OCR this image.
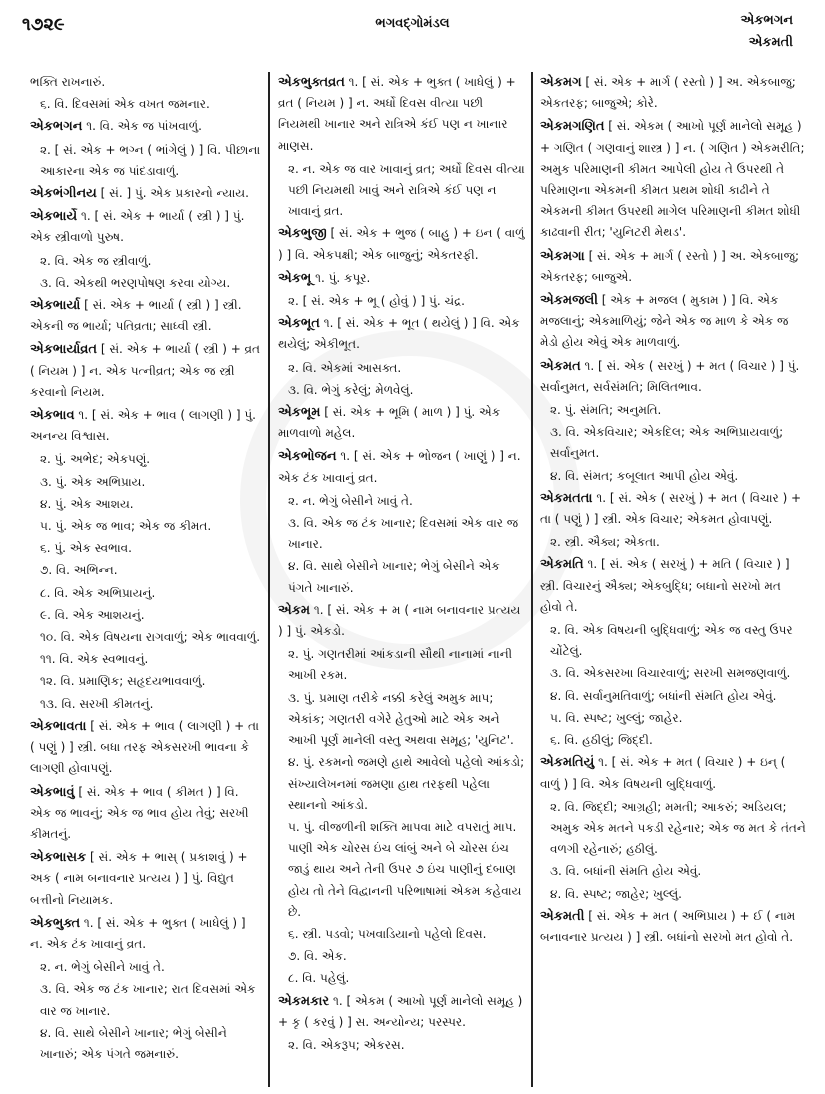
૧૭૨૯	ભગવદ્ગોમંડલ	એકભગન
એકમતી
ભક્તિ રાખનારું.
૬. વિ. દિવસમાં એક વખત જમનાર.
એકભગન ૧. વિ. એક જ પાંખવાળું.
૨. [ સં. એક + ભગ્ન ( ભાંગેલું ) ] વિ. પીછાના આકારના એક જ પાંદડાવાળું.
એકભંગીનય [ સં. ] પું. એક પ્રકારનો ન્યાય.
એકભાર્યે ૧. [ સં. એક + ભાર્યા ( સ્ત્રી ) ] પું. એક સ્ત્રીવાળો પુરુષ.
૨. વિ. એક જ સ્ત્રીવાળું.
૩. વિ. એકથી ભરણપોષણ કરવા યોગ્ય.
એકભાર્યા [ સં. એક + ભાર્યા ( સ્ત્રી ) ] સ્ત્રી. એકની જ ભાર્યા; પતિવ્રતા; સાધ્વી સ્ત્રી.
એકભાર્યાવ્રત [ સં. એક + ભાર્યા ( સ્ત્રી ) + વ્રત ( નિયમ ) ] ન. એક પત્નીવ્રત; એક જ સ્ત્રી કરવાનો નિયમ.
એકભાવ ૧. [ સં. એક + ભાવ ( લાગણી ) ] પું. અનન્ય વિશ્વાસ.
૨. પું. અભેદ; એકપણું.
૩. પું. એક અભિપ્રાય.
૪. પું. એક આશય.
૫. પું. એક જ ભાવ; એક જ કીમત.
૬. પું. એક સ્વભાવ.
૭. વિ. અભિન્ન.
૮. વિ. એક અભિપ્રાયનું.
૯. વિ. એક આશયનું.
૧૦. વિ. એક વિષયના રાગવાળું; એક ભાવવાળું.
૧૧. વિ. એક સ્વભાવનું.
૧૨. વિ. પ્રમાણિક; સહૃદયભાવવાળું.
૧૩. વિ. સરખી કીમતનું.
એકભાવતા [ સં. એક + ભાવ ( લાગણી ) + તા ( પણું ) ] સ્ત્રી. બધા તરફ એકસરખી ભાવના કે લાગણી હોવાપણું.
એકભાવું [ સં. એક + ભાવ ( કીમત ) ] વિ. એક જ ભાવનું; એક જ ભાવ હોય તેવું; સરખી કીમતનું.
એકભાસક [ સં. એક + ભાસ્ ( પ્રકાશવું ) + અક ( નામ બનાવનાર પ્રત્યય ) ] પું. વિદ્યુત બત્તીનો નિયામક.
એકભુક્ત ૧. [ સં. એક + ભુક્ત ( ખાધેલું ) ] ન. એક ટંક ખાવાનું વ્રત.
૨. ન. ભેગું બેસીને ખાવું તે.
૩. વિ. એક જ ટંક ખાનાર; રાત દિવસમાં એક વાર જ ખાનાર.
૪. વિ. સાથે બેસીને ખાનાર; ભેગું બેસીને ખાનારું; એક પંગતે જમનારું.
એકભુક્તવ્રત ૧. [ સં. એક + ભુક્ત ( ખાધેલું ) + વ્રત ( નિયમ ) ] ન. અર્ધો દિવસ વીત્યા પછી નિયમથી ખાનાર અને રાત્રિએ કંઈ પણ ન ખાનાર માણસ.
૨. ન. એક જ વાર ખાવાનું વ્રત; અર્ધો દિવસ વીત્યા પછી નિયમથી ખાવું અને રાત્રિએ કંઈ પણ ન ખાવાનું વ્રત.
એકભુજી [ સં. એક + ભુજ ( બાહુ ) + ઇન ( વાળું ) ] વિ. એકપક્ષી; એક બાજુનું; એકતરફી.
એકભૂ ૧. પું. કપૂર.
૨. [ સં. એક + ભૂ ( હોવું ) ] પું. ચંદ્ર.
એકભૂત ૧. [ સં. એક + ભૂત ( થયેલું ) ] વિ. એક થયેલું; એકીભૂત.
૨. વિ. એકમાં આસક્ત.
૩. વિ. ભેગું કરેલું; મેળવેલું.
એકભૂમ [ સં. એક + ભૂમિ ( માળ ) ] પું. એક માળવાળો મહેલ.
એકભોજન ૧. [ સં. એક + ભોજન ( ખાણું ) ] ન. એક ટંક ખાવાનું વ્રત.
૨. ન. ભેગું બેસીને ખાવું તે.
૩. વિ. એક જ ટંક ખાનાર; દિવસમાં એક વાર જ ખાનાર.
૪. વિ. સાથે બેસીને ખાનાર; ભેગું બેસીને એક પંગતે ખાનારું.
એકમ ૧. [ સં. એક + મ ( નામ બનાવનાર પ્રત્યય ) ] પું. એકડો.
૨. પું. ગણતરીમાં આંકડાની સૌથી નાનામાં નાની આખી રકમ.
૩. પું. પ્રમાણ તરીકે નક્કી કરેલું અમુક માપ; એકાંક; ગણતરી વગેરે હેતુઓ માટે એક અને આખી પૂર્ણ માનેલી વસ્તુ અથવા સમૂહ; 'યુનિટ'.
૪. પું. રકમનો જમણે હાથે આવેલો પહેલો આંકડો; સંખ્યાલેખનમાં જમણા હાથ તરફથી પહેલા સ્થાનનો આંકડો.
૫. પું. વીજળીની શક્તિ માપવા માટે વપરાતું માપ. પાણી એક ચોરસ ઇંચ લાંબું અને બે ચોરસ ઇંચ જાડું થાય અને તેની ઉપર ૭ ઇંચ પાણીનું દબાણ હોય તો તેને વિદ્વાનની પરિભાષામાં એકમ કહેવાય છે.
૬. સ્ત્રી. પડવો; પખવાડિયાનો પહેલો દિવસ.
૭. વિ. એક.
૮. વિ. પહેલું.
એકમકાર ૧. [ એકમ ( આખો પૂર્ણ માનેલો સમૂહ ) + કૃ ( કરવું ) ] સ. અન્યોન્ય; પરસ્પર.
૨. વિ. એકરૂપ; એકરસ.
એકમગ [ સં. એક + માર્ગ ( રસ્તો ) ] અ. એકબાજુ; એકતરફ; બાજુએ; કોરે.
એકમગણિત [ સં. એકમ ( આખો પૂર્ણ માનેલો સમૂહ ) + ગણિત ( ગણવાનું શાસ્ત્ર ) ] ન. ( ગણિત ) એકમરીતિ; અમુક પરિમાણની કીમત આપેલી હોય તે ઉપરથી તે પરિમાણના એકમની કીમત પ્રથમ શોધી કાઢીને તે એકમની કીમત ઉપરથી માગેલ પરિમાણની કીમત શોધી કાઢવાની રીત; 'યુનિટરી મેથડ'.
એકમગા [ સં. એક + માર્ગ ( રસ્તો ) ] અ. એકબાજુ; એકતરફ; બાજુએ.
એકમજલી [ એક + મજલ ( મુકામ ) ] વિ. એક મજલાનું; એકમાળિયું; જેને એક જ માળ કે એક જ મેડો હોય એવું એક માળવાળું.
એકમત ૧. [ સં. એક ( સરખું ) + મત ( વિચાર ) ] પું. સર્વાનુમત, સર્વસંમતિ; મિલિતભાવ.
૨. પું. સંમતિ; અનુમતિ.
૩. વિ. એકવિચાર; એકદિલ; એક અભિપ્રાયવાળું; સર્વાનુમત.
૪. વિ. સંમત; કબૂલાત આપી હોય એવું.
એકમતતા ૧. [ સં. એક ( સરખું ) + મત ( વિચાર ) + તા ( પણું ) ] સ્ત્રી. એક વિચાર; એકમત હોવાપણું.
૨. સ્ત્રી. ઐક્ય; એકતા.
એકમતિ ૧. [ સં. એક ( સરખું ) + મતિ ( વિચાર ) ] સ્ત્રી. વિચારનું ઐક્ય; એકબુદ્ધિ; બધાનો સરખો મત હોવો તે.
૨. વિ. એક વિષયની બુદ્ધિવાળું; એક જ વસ્તુ ઉપર ચોંટેલું.
૩. વિ. એકસરખા વિચારવાળું; સરખી સમજણવાળું.
૪. વિ. સર્વાનુમતિવાળું; બધાંની સંમતિ હોય એવું.
૫. વિ. સ્પષ્ટ; ખુલ્લું; જાહેર.
૬. વિ. હઠીલું; જિદ્દી.
એકમતિયું ૧. [ સં. એક + મત ( વિચાર ) + ઇન્ ( વાળું ) ] વિ. એક વિષયની બુદ્ધિવાળું.
૨. વિ. જિદ્દી; આગ્રહી; મમતી; આકરું; અડિયલ; અમુક એક મતને પકડી રહેનાર; એક જ મત કે તંતને વળગી રહેનારું; હઠીલું.
૩. વિ. બધાંની સંમતિ હોય એવું.
૪. વિ. સ્પષ્ટ; જાહેર; ખુલ્લું.
એકમતી [ સં. એક + મત ( અભિપ્રાય ) + ઈ ( નામ બનાવનાર પ્રત્યય ) ] સ્ત્રી. બધાંનો સરખો મત હોવો તે.
